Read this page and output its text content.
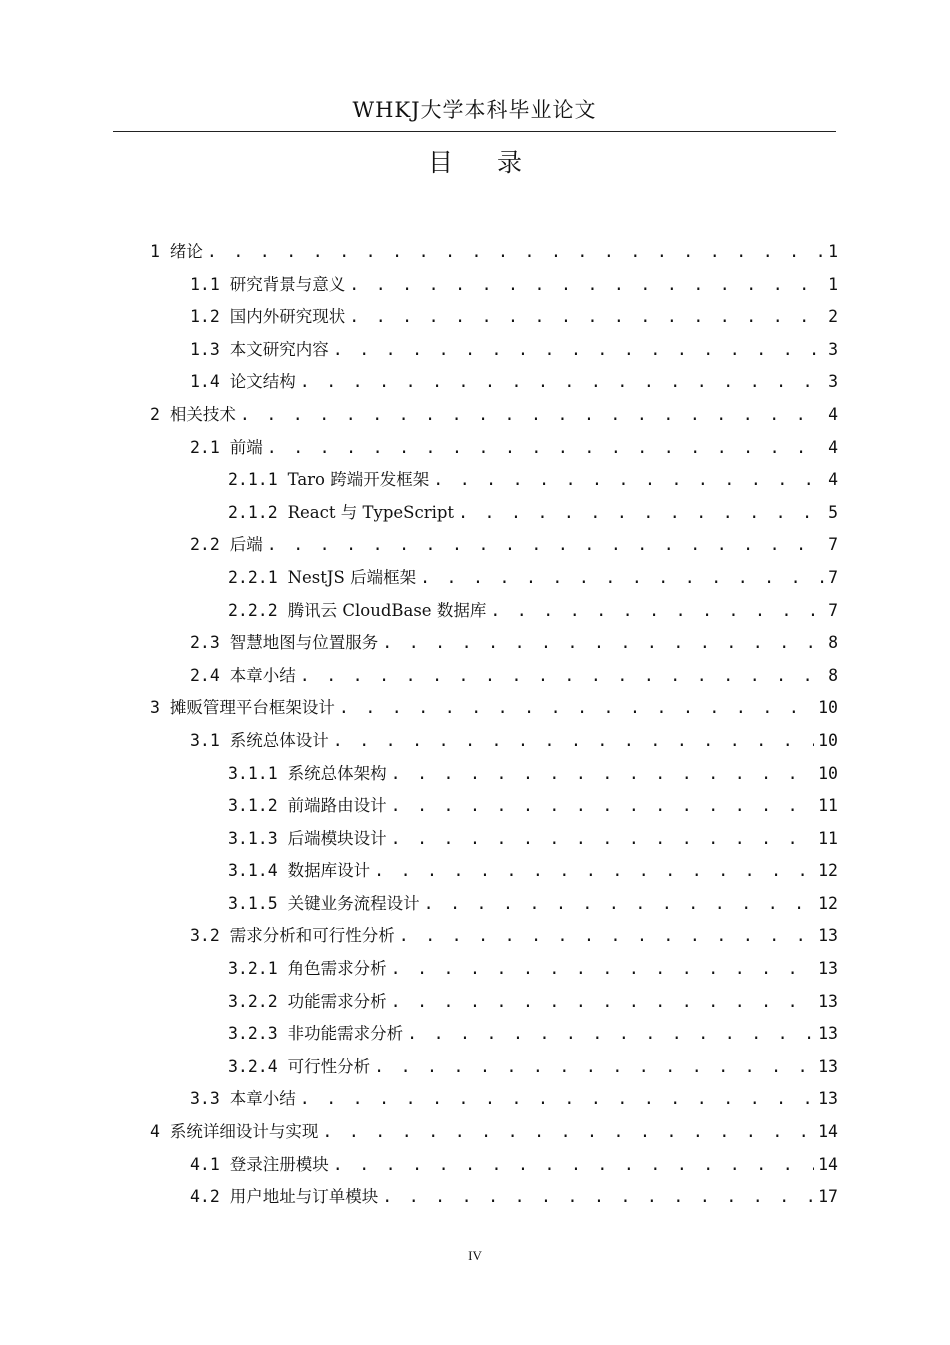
WHKJ大学本科毕业论文
目 录
1 绪论 . . .	1
1.1 研究背景与意义 . . .	1
1.2 国内外研究现状 . . .	2
1.3 本文研究内容 . . .	3
1.4 论文结构 . . .	3
2 相关技术 . . .	4
2.1 前端 . . .	4
2.1.1 Taro 跨端开发框架 . . .	4
2.1.2 React 与 TypeScript . . .	5
2.2 后端 . . .	7
2.2.1 NestJS 后端框架 . . .	7
2.2.2 腾讯云 CloudBase 数据库 . . .	7
2.3 智慧地图与位置服务 . . .	8
2.4 本章小结 . . .	8
3 摊贩管理平台框架设计 . . .	10
3.1 系统总体设计 . . .	10
3.1.1 系统总体架构 . . .	10
3.1.2 前端路由设计 . . .	11
3.1.3 后端模块设计 . . .	11
3.1.4 数据库设计 . . .	12
3.1.5 关键业务流程设计 . . .	12
3.2 需求分析和可行性分析 . . .	13
3.2.1 角色需求分析 . . .	13
3.2.2 功能需求分析 . . .	13
3.2.3 非功能需求分析 . . .	13
3.2.4 可行性分析 . . .	13
3.3 本章小结 . . .	13
4 系统详细设计与实现 . . .	14
4.1 登录注册模块 . . .	14
4.2 用户地址与订单模块 . . .	17
IV
